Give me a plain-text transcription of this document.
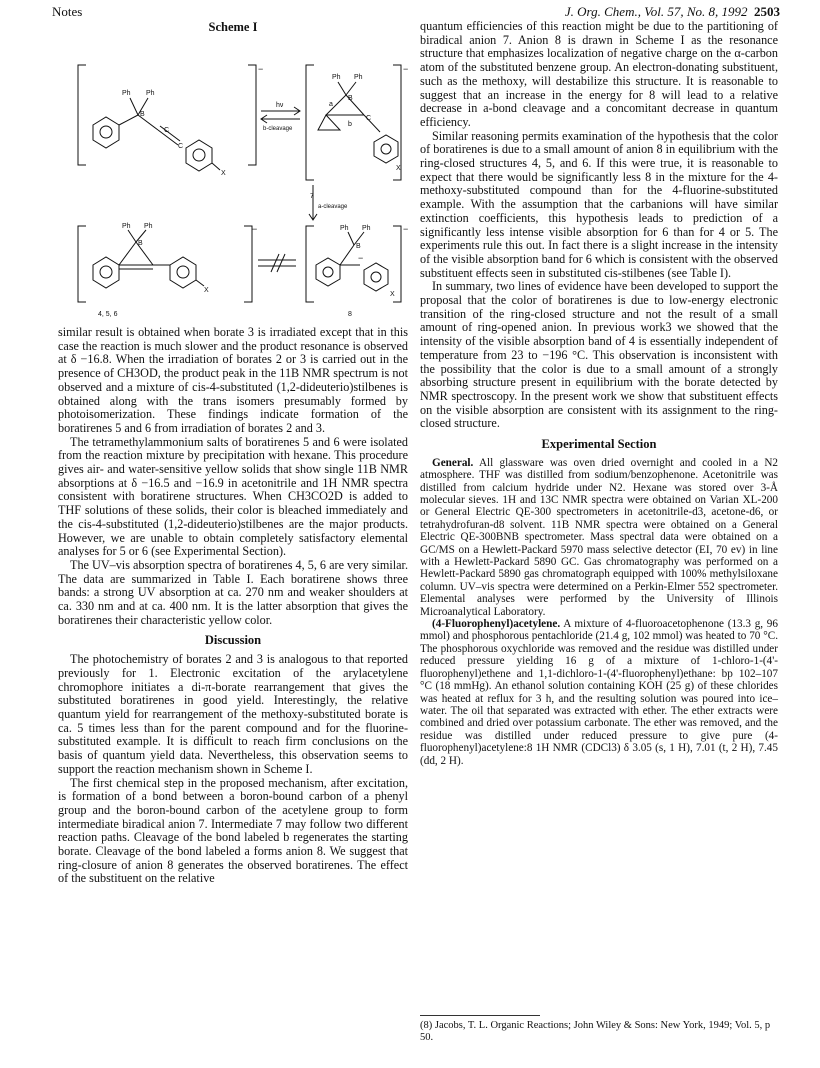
Notes	J. Org. Chem., Vol. 57, No. 8, 1992 2503
Scheme I
Ph Ph
B
C
C
X
−
hν
b-cleavage
Ph Ph
B
a
b
C
X
−
7
a-cleavage
Ph Ph
B
X
−	Ph Ph
B
−
X
−
4, 5, 6	8

similar result is obtained when borate 3 is irradiated except that in this case the reaction is much slower and the product resonance is observed at δ −16.8. When the irradiation of borates 2 or 3 is carried out in the presence of CH3OD, the product peak in the 11B NMR spectrum is not observed and a mixture of cis-4-substituted (1,2-dideuterio)stilbenes is obtained along with the trans isomers presumably formed by photoisomerization. These findings indicate formation of the boratirenes 5 and 6 from irradiation of borates 2 and 3.

The tetramethylammonium salts of boratirenes 5 and 6 were isolated from the reaction mixture by precipitation with hexane. This procedure gives air- and water-sensitive yellow solids that show single 11B NMR absorptions at δ −16.5 and −16.9 in acetonitrile and 1H NMR spectra consistent with boratirene structures. When CH3CO2D is added to THF solutions of these solids, their color is bleached immediately and the cis-4-substituted (1,2-dideuterio)stilbenes are the major products. However, we are unable to obtain completely satisfactory elemental analyses for 5 or 6 (see Experimental Section).

The UV–vis absorption spectra of boratirenes 4, 5, 6 are very similar. The data are summarized in Table I. Each boratirene shows three bands: a strong UV absorption at ca. 270 nm and weaker shoulders at ca. 330 nm and at ca. 400 nm. It is the latter absorption that gives the boratirenes their characteristic yellow color.

Discussion

The photochemistry of borates 2 and 3 is analogous to that reported previously for 1. Electronic excitation of the arylacetylene chromophore initiates a di-π-borate rearrangement that gives the substituted boratirenes in good yield. Interestingly, the relative quantum yield for rearrangement of the methoxy-substituted borate is ca. 5 times less than for the parent compound and for the fluorine-substituted example. It is difficult to reach firm conclusions on the basis of quantum yield data. Nevertheless, this observation seems to support the reaction mechanism shown in Scheme I.

The first chemical step in the proposed mechanism, after excitation, is formation of a bond between a boron-bound carbon of a phenyl group and the boron-bound carbon of the acetylene group to form intermediate biradical anion 7. Intermediate 7 may follow two different reaction paths. Cleavage of the bond labeled b regenerates the starting borate. Cleavage of the bond labeled a forms anion 8. We suggest that ring-closure of anion 8 generates the observed boratirenes. The effect of the substituent on the relative

quantum efficiencies of this reaction might be due to the partitioning of biradical anion 7. Anion 8 is drawn in Scheme I as the resonance structure that emphasizes localization of negative charge on the α-carbon atom of the substituted benzene group. An electron-donating substituent, such as the methoxy, will destabilize this structure. It is reasonable to suggest that an increase in the energy for 8 will lead to a relative decrease in a-bond cleavage and a concomitant decrease in quantum efficiency.

Similar reasoning permits examination of the hypothesis that the color of boratirenes is due to a small amount of anion 8 in equilibrium with the ring-closed structures 4, 5, and 6. If this were true, it is reasonable to expect that there would be significantly less 8 in the mixture for the 4-methoxy-substituted compound than for the 4-fluorine-substituted example. With the assumption that the carbanions will have similar extinction coefficients, this hypothesis leads to prediction of a significantly less intense visible absorption for 6 than for 4 or 5. The experiments rule this out. In fact there is a slight increase in the intensity of the visible absorption band for 6 which is consistent with the observed substituent effects seen in substituted cis-stilbenes (see Table I).

In summary, two lines of evidence have been developed to support the proposal that the color of boratirenes is due to low-energy electronic transition of the ring-closed structure and not the result of a small amount of ring-opened anion. In previous work3 we showed that the intensity of the visible absorption band of 4 is essentially independent of temperature from 23 to −196 °C. This observation is inconsistent with the possibility that the color is due to a small amount of a strongly absorbing structure present in equilibrium with the borate detected by NMR spectroscopy. In the present work we show that substituent effects on the visible absorption are consistent with its assignment to the ring-closed structure.

Experimental Section

General. All glassware was oven dried overnight and cooled in a N2 atmosphere. THF was distilled from sodium/benzophenone. Acetonitrile was distilled from calcium hydride under N2. Hexane was stored over 3-Å molecular sieves. 1H and 13C NMR spectra were obtained on Varian XL-200 or General Electric QE-300 spectrometers in acetonitrile-d3, acetone-d6, or tetrahydrofuran-d8 solvent. 11B NMR spectra were obtained on a General Electric QE-300BNB spectrometer. Mass spectral data were obtained on a GC/MS on a Hewlett-Packard 5970 mass selective detector (EI, 70 ev) in line with a Hewlett-Packard 5890 GC. Gas chromatography was performed on a Hewlett-Packard 5890 gas chromatograph equipped with 100% methylsiloxane column. UV–vis spectra were determined on a Perkin-Elmer 552 spectrometer. Elemental analyses were performed by the University of Illinois Microanalytical Laboratory.

(4-Fluorophenyl)acetylene. A mixture of 4-fluoroacetophenone (13.3 g, 96 mmol) and phosphorous pentachloride (21.4 g, 102 mmol) was heated to 70 °C. The phosphorous oxychloride was removed and the residue was distilled under reduced pressure yielding 16 g of a mixture of 1-chloro-1-(4'-fluorophenyl)ethene and 1,1-dichloro-1-(4'-fluorophenyl)ethane: bp 102–107 °C (18 mmHg). An ethanol solution containing KOH (25 g) of these chlorides was heated at reflux for 3 h, and the resulting solution was poured into ice–water. The oil that separated was extracted with ether. The ether extracts were combined and dried over potassium carbonate. The ether was removed, and the residue was distilled under reduced pressure to give pure (4-fluorophenyl)acetylene:8 1H NMR (CDCl3) δ 3.05 (s, 1 H), 7.01 (t, 2 H), 7.45 (dd, 2 H).

(8) Jacobs, T. L. Organic Reactions; John Wiley & Sons: New York, 1949; Vol. 5, p 50.
